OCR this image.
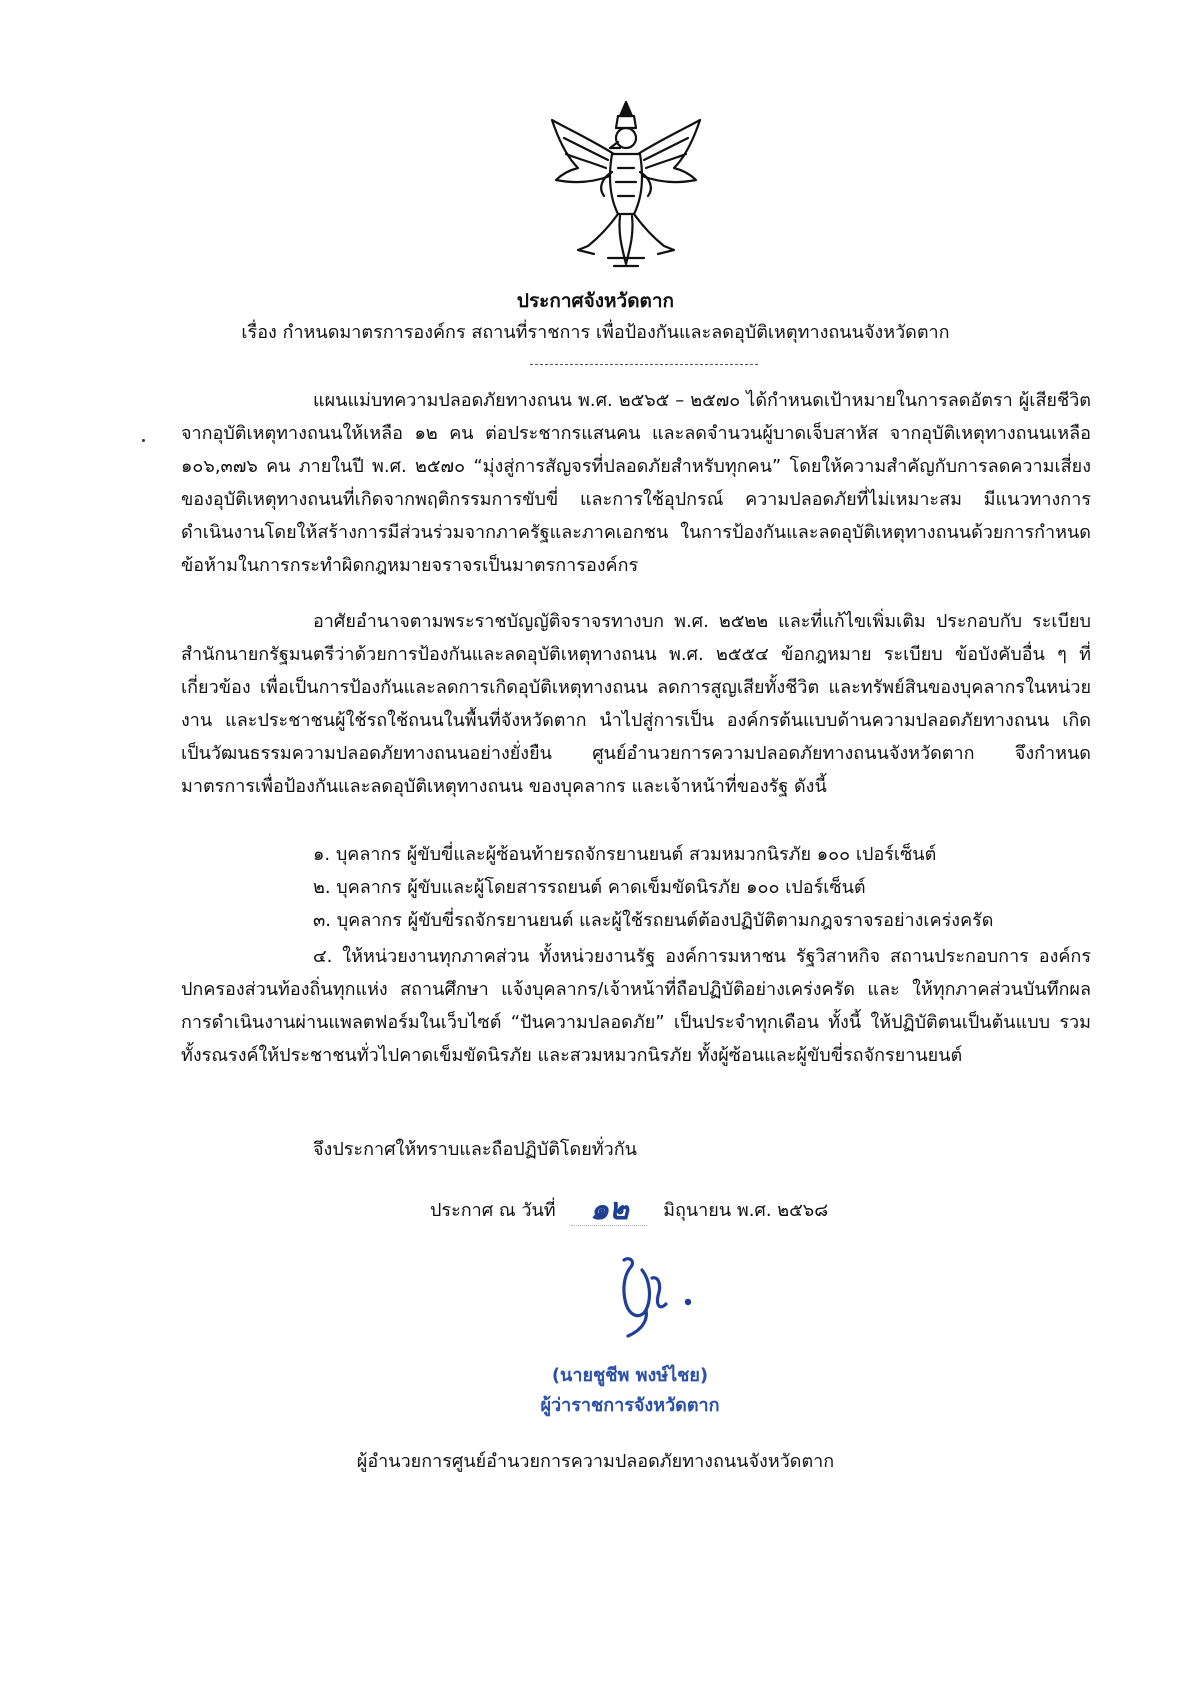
ประกาศจังหวัดตาก
เรื่อง กำหนดมาตรการองค์กร สถานที่ราชการ เพื่อป้องกันและลดอุบัติเหตุทางถนนจังหวัดตาก

แผนแม่บทความปลอดภัยทางถนน พ.ศ. ๒๕๖๕ – ๒๕๗๐ ได้กำหนดเป้าหมายในการลดอัตรา ผู้เสียชีวิตจากอุบัติเหตุทางถนนให้เหลือ ๑๒ คน ต่อประชากรแสนคน และลดจำนวนผู้บาดเจ็บสาหัส จากอุบัติเหตุทางถนนเหลือ ๑๐๖,๓๗๖ คน ภายในปี พ.ศ. ๒๕๗๐ “มุ่งสู่การสัญจรที่ปลอดภัยสำหรับทุกคน” โดยให้ความสำคัญกับการลดความเสี่ยงของอุบัติเหตุทางถนนที่เกิดจากพฤติกรรมการขับขี่ และการใช้อุปกรณ์ ความปลอดภัยที่ไม่เหมาะสม มีแนวทางการดำเนินงานโดยให้สร้างการมีส่วนร่วมจากภาครัฐและภาคเอกชน ในการป้องกันและลดอุบัติเหตุทางถนนด้วยการกำหนดข้อห้ามในการกระทำผิดกฎหมายจราจรเป็นมาตรการองค์กร

อาศัยอำนาจตามพระราชบัญญัติจราจรทางบก พ.ศ. ๒๕๒๒ และที่แก้ไขเพิ่มเติม ประกอบกับ ระเบียบสำนักนายกรัฐมนตรีว่าด้วยการป้องกันและลดอุบัติเหตุทางถนน พ.ศ. ๒๕๕๔ ข้อกฎหมาย ระเบียบ ข้อบังคับอื่น ๆ ที่เกี่ยวข้อง เพื่อเป็นการป้องกันและลดการเกิดอุบัติเหตุทางถนน ลดการสูญเสียทั้งชีวิต และทรัพย์สินของบุคลากรในหน่วยงาน และประชาชนผู้ใช้รถใช้ถนนในพื้นที่จังหวัดตาก นำไปสู่การเป็น องค์กรต้นแบบด้านความปลอดภัยทางถนน เกิดเป็นวัฒนธรรมความปลอดภัยทางถนนอย่างยั่งยืน ศูนย์อำนวยการความปลอดภัยทางถนนจังหวัดตาก จึงกำหนดมาตรการเพื่อป้องกันและลดอุบัติเหตุทางถนน ของบุคลากร และเจ้าหน้าที่ของรัฐ ดังนี้

๑. บุคลากร ผู้ขับขี่และผู้ซ้อนท้ายรถจักรยานยนต์ สวมหมวกนิรภัย ๑๐๐ เปอร์เซ็นต์

๒. บุคลากร ผู้ขับและผู้โดยสารรถยนต์ คาดเข็มขัดนิรภัย ๑๐๐ เปอร์เซ็นต์

๓. บุคลากร ผู้ขับขี่รถจักรยานยนต์ และผู้ใช้รถยนต์ต้องปฏิบัติตามกฎจราจรอย่างเคร่งครัด

๔. ให้หน่วยงานทุกภาคส่วน ทั้งหน่วยงานรัฐ องค์การมหาชน รัฐวิสาหกิจ สถานประกอบการ องค์กรปกครองส่วนท้องถิ่นทุกแห่ง สถานศึกษา แจ้งบุคลากร/เจ้าหน้าที่ถือปฏิบัติอย่างเคร่งครัด และ ให้ทุกภาคส่วนบันทึกผลการดำเนินงานผ่านแพลตฟอร์มในเว็บไซต์ “ปันความปลอดภัย” เป็นประจำทุกเดือน ทั้งนี้ ให้ปฏิบัติตนเป็นต้นแบบ รวมทั้งรณรงค์ให้ประชาชนทั่วไปคาดเข็มขัดนิรภัย และสวมหมวกนิรภัย ทั้งผู้ซ้อนและผู้ขับขี่รถจักรยานยนต์

จึงประกาศให้ทราบและถือปฏิบัติโดยทั่วกัน
ประกาศ ณ วันที่ ๑๒ มิถุนายน พ.ศ. ๒๕๖๘
(นายชูชีพ พงษ์ไชย)
ผู้ว่าราชการจังหวัดตาก
ผู้อำนวยการศูนย์อำนวยการความปลอดภัยทางถนนจังหวัดตาก
